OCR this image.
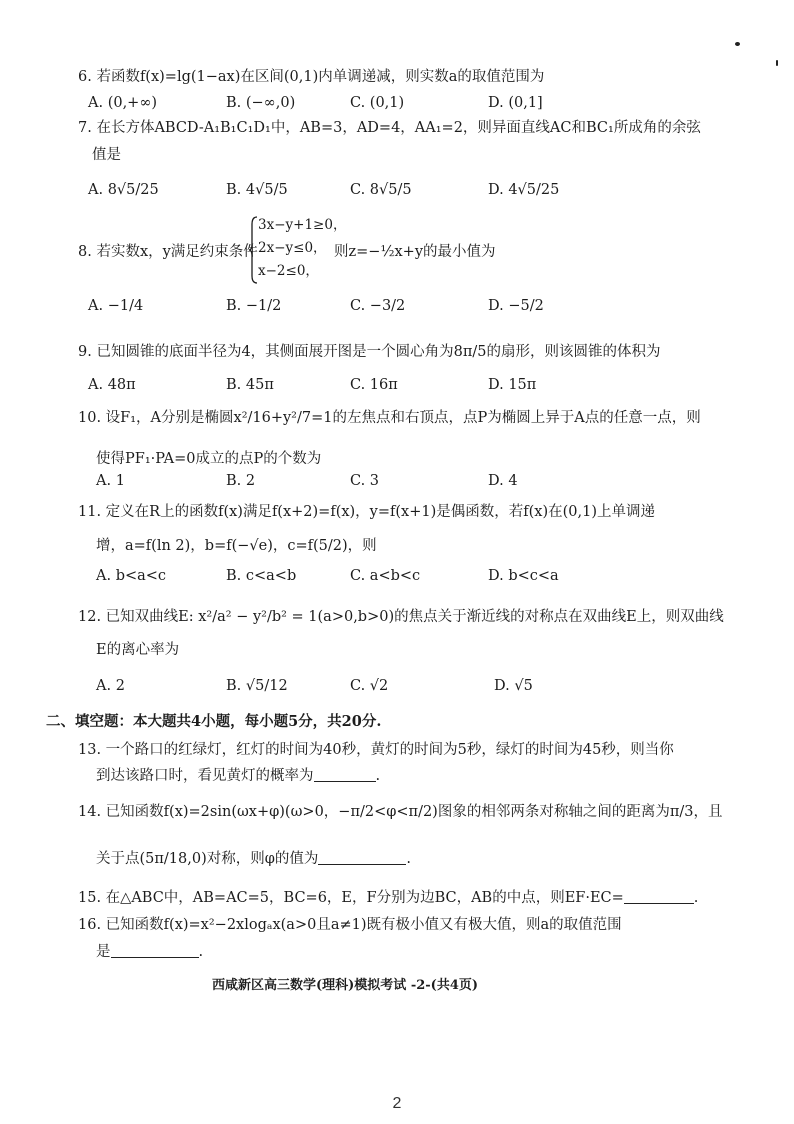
6. 若函数f(x)=lg(1−ax)在区间(0,1)内单调递减，则实数a的取值范围为
A. (0,+∞)	B. (−∞,0)	C. (0,1)	D. (0,1]
7. 在长方体ABCD-A₁B₁C₁D₁中，AB=3，AD=4，AA₁=2，则异面直线AC和BC₁所成角的余弦
值是
A. 8√5/25	B. 4√5/5	C. 8√5/5	D. 4√5/25
8. 若实数x，y满足约束条件
3x−y+1≥0，
2x−y≤0，
x−2≤0，
则z=−½x+y的最小值为
A. −1/4	B. −1/2	C. −3/2	D. −5/2
9. 已知圆锥的底面半径为4，其侧面展开图是一个圆心角为8π/5的扇形，则该圆锥的体积为
A. 48π	B. 45π	C. 16π	D. 15π
10. 设F₁，A分别是椭圆x²/16+y²/7=1的左焦点和右顶点，点P为椭圆上异于A点的任意一点，则
使得PF₁·PA=0成立的点P的个数为
A. 1	B. 2	C. 3	D. 4
11. 定义在R上的函数f(x)满足f(x+2)=f(x)，y=f(x+1)是偶函数，若f(x)在(0,1)上单调递
增，a=f(ln 2)，b=f(−√e)，c=f(5/2)，则
A. b<a<c	B. c<a<b	C. a<b<c	D. b<c<a
12. 已知双曲线E: x²/a² − y²/b² = 1(a>0,b>0)的焦点关于渐近线的对称点在双曲线E上，则双曲线
E的离心率为
A. 2	B. √5/12	C. √2	D. √5
二、填空题：本大题共4小题，每小题5分，共20分.
13. 一个路口的红绿灯，红灯的时间为40秒，黄灯的时间为5秒，绿灯的时间为45秒，则当你
到达该路口时，看见黄灯的概率为	.
14. 已知函数f(x)=2sin(ωx+φ)(ω>0，−π/2<φ<π/2)图象的相邻两条对称轴之间的距离为π/3，且
关于点(5π/18,0)对称，则φ的值为	.
15. 在△ABC中，AB=AC=5，BC=6，E，F分别为边BC，AB的中点，则EF·EC=	.
16. 已知函数f(x)=x²−2xlogₐx(a>0且a≠1)既有极小值又有极大值，则a的取值范围
是	.
西咸新区高三数学(理科)模拟考试 -2-(共4页)
2
